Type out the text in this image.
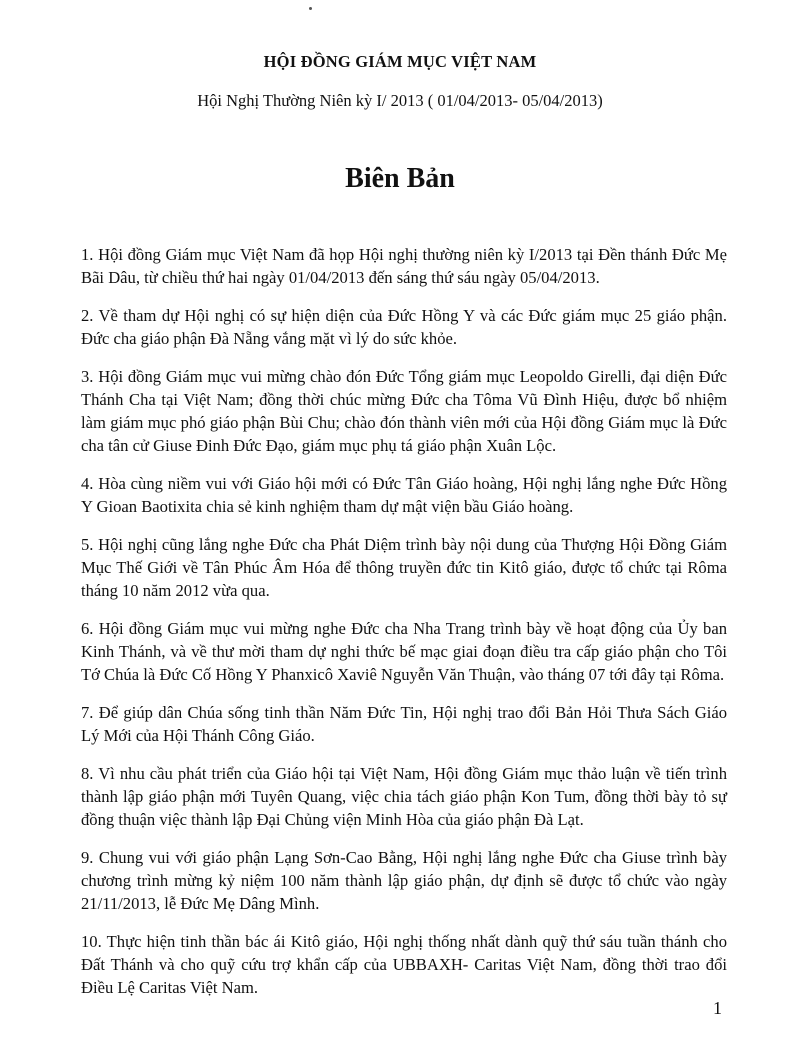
HỘI ĐỒNG GIÁM MỤC VIỆT NAM
Hội Nghị Thường Niên kỳ I/ 2013 ( 01/04/2013- 05/04/2013)
Biên Bản

1. Hội đồng Giám mục Việt Nam đã họp Hội nghị thường niên kỳ I/2013 tại Đền thánh Đức Mẹ Bãi Dâu, từ chiều thứ hai ngày 01/04/2013 đến sáng thứ sáu ngày 05/04/2013.

2. Về tham dự Hội nghị có sự hiện diện của Đức Hồng Y và các Đức giám mục 25 giáo phận. Đức cha giáo phận Đà Nẵng vắng mặt vì lý do sức khỏe.

3. Hội đồng Giám mục vui mừng chào đón Đức Tổng giám mục Leopoldo Girelli, đại diện Đức Thánh Cha tại Việt Nam; đồng thời chúc mừng Đức cha Tôma Vũ Đình Hiệu, được bổ nhiệm làm giám mục phó giáo phận Bùi Chu; chào đón thành viên mới của Hội đồng Giám mục là Đức cha tân cử Giuse Đinh Đức Đạo, giám mục phụ tá giáo phận Xuân Lộc.

4. Hòa cùng niềm vui với Giáo hội mới có Đức Tân Giáo hoàng, Hội nghị lắng nghe Đức Hồng Y Gioan Baotixita chia sẻ kinh nghiệm tham dự mật viện bầu Giáo hoàng.

5. Hội nghị cũng lắng nghe Đức cha Phát Diệm trình bày nội dung của Thượng Hội Đồng Giám Mục Thế Giới về Tân Phúc Âm Hóa để thông truyền đức tin Kitô giáo, được tổ chức tại Rôma tháng 10 năm 2012 vừa qua.

6. Hội đồng Giám mục vui mừng nghe Đức cha Nha Trang trình bày về hoạt động của Ủy ban Kinh Thánh, và về thư mời tham dự nghi thức bế mạc giai đoạn điều tra cấp giáo phận cho Tôi Tớ Chúa là Đức Cố Hồng Y Phanxicô Xaviê Nguyễn Văn Thuận, vào tháng 07 tới đây tại Rôma.

7. Để giúp dân Chúa sống tinh thần Năm Đức Tin, Hội nghị trao đổi Bản Hỏi Thưa Sách Giáo Lý Mới của Hội Thánh Công Giáo.

8. Vì nhu cầu phát triển của Giáo hội tại Việt Nam, Hội đồng Giám mục thảo luận về tiến trình thành lập giáo phận mới Tuyên Quang, việc chia tách giáo phận Kon Tum, đồng thời bày tỏ sự đồng thuận việc thành lập Đại Chủng viện Minh Hòa của giáo phận Đà Lạt.

9. Chung vui với giáo phận Lạng Sơn-Cao Bằng, Hội nghị lắng nghe Đức cha Giuse trình bày chương trình mừng kỷ niệm 100 năm thành lập giáo phận, dự định sẽ được tổ chức vào ngày 21/11/2013, lễ Đức Mẹ Dâng Mình.

10. Thực hiện tinh thần bác ái Kitô giáo, Hội nghị thống nhất dành quỹ thứ sáu tuần thánh cho Đất Thánh và cho quỹ cứu trợ khẩn cấp của UBBAXH- Caritas Việt Nam, đồng thời trao đổi Điều Lệ Caritas Việt Nam.

1
